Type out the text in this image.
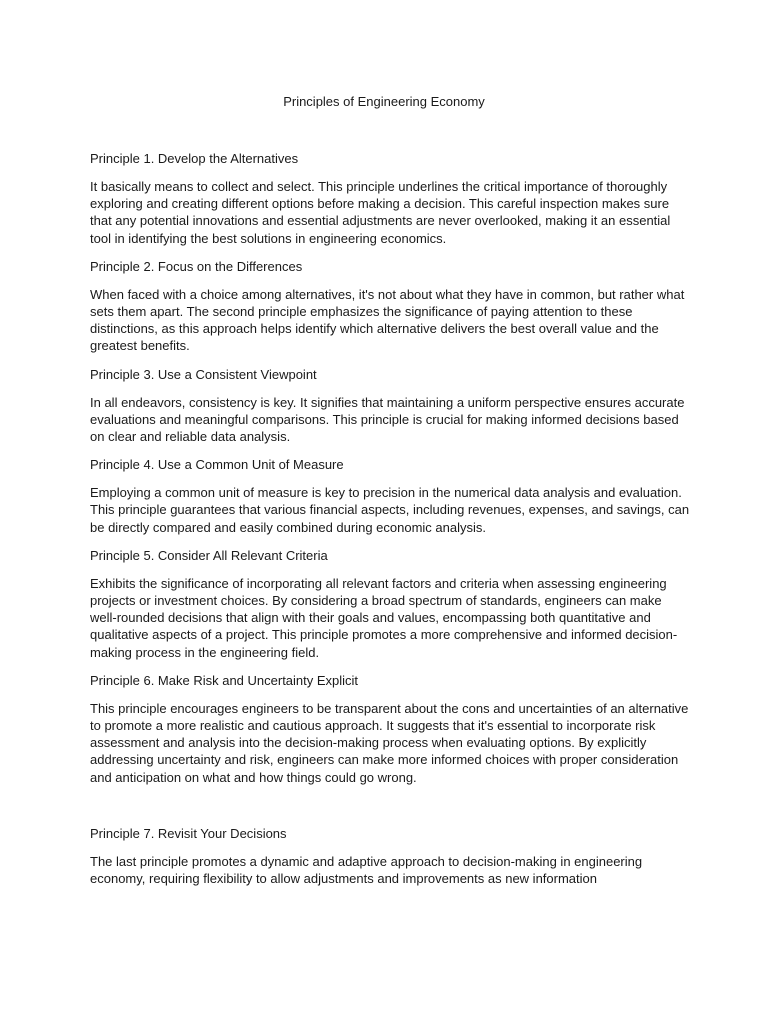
Principles of Engineering Economy

Principle 1. Develop the Alternatives

It basically means to collect and select. This principle underlines the critical importance of thoroughly exploring and creating different options before making a decision. This careful inspection makes sure that any potential innovations and essential adjustments are never overlooked, making it an essential tool in identifying the best solutions in engineering economics.

Principle 2. Focus on the Differences

When faced with a choice among alternatives, it's not about what they have in common, but rather what sets them apart. The second principle emphasizes the significance of paying attention to these distinctions, as this approach helps identify which alternative delivers the best overall value and the greatest benefits.

Principle 3. Use a Consistent Viewpoint

In all endeavors, consistency is key. It signifies that maintaining a uniform perspective ensures accurate evaluations and meaningful comparisons. This principle is crucial for making informed decisions based on clear and reliable data analysis.

Principle 4. Use a Common Unit of Measure

Employing a common unit of measure is key to precision in the numerical data analysis and evaluation. This principle guarantees that various financial aspects, including revenues, expenses, and savings, can be directly compared and easily combined during economic analysis.

Principle 5. Consider All Relevant Criteria

Exhibits the significance of incorporating all relevant factors and criteria when assessing engineering projects or investment choices. By considering a broad spectrum of standards, engineers can make well-rounded decisions that align with their goals and values, encompassing both quantitative and qualitative aspects of a project. This principle promotes a more comprehensive and informed decision-making process in the engineering field.

Principle 6. Make Risk and Uncertainty Explicit

This principle encourages engineers to be transparent about the cons and uncertainties of an alternative to promote a more realistic and cautious approach. It suggests that it's essential to incorporate risk assessment and analysis into the decision-making process when evaluating options. By explicitly addressing uncertainty and risk, engineers can make more informed choices with proper consideration and anticipation on what and how things could go wrong.

Principle 7. Revisit Your Decisions

The last principle promotes a dynamic and adaptive approach to decision-making in engineering economy, requiring flexibility to allow adjustments and improvements as new information
